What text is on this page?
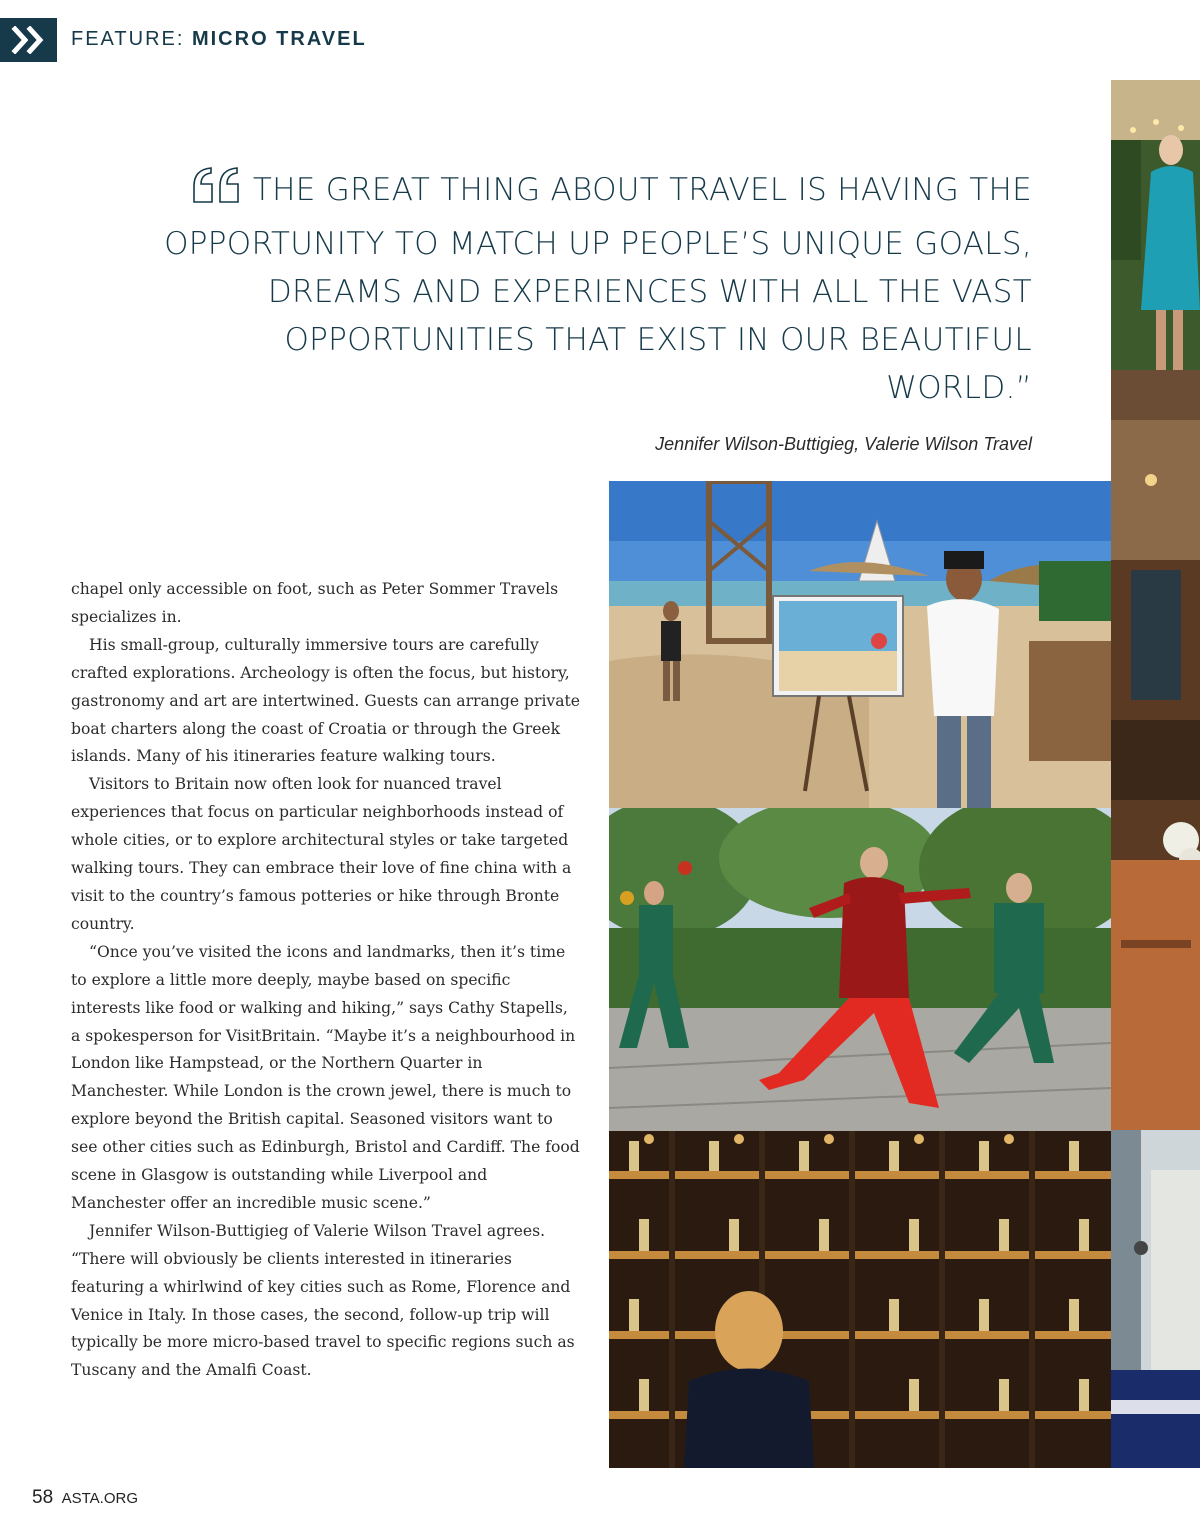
FEATURE: MICRO TRAVEL

THE GREAT THING ABOUT TRAVEL IS HAVING THE OPPORTUNITY TO MATCH UP PEOPLE’S UNIQUE GOALS, DREAMS AND EXPERIENCES WITH ALL THE VAST OPPORTUNITIES THAT EXIST IN OUR BEAUTIFUL WORLD.”

Jennifer Wilson-Buttigieg, Valerie Wilson Travel

chapel only accessible on foot, such as Peter Sommer Travels specializes in.

His small-group, culturally immersive tours are carefully crafted explorations. Archeology is often the focus, but history, gastronomy and art are intertwined. Guests can arrange private boat charters along the coast of Croatia or through the Greek islands. Many of his itineraries feature walking tours.

Visitors to Britain now often look for nuanced travel experiences that focus on particular neighborhoods instead of whole cities, or to explore architectural styles or take targeted walking tours. They can embrace their love of fine china with a visit to the country’s famous potteries or hike through Bronte country.

“Once you’ve visited the icons and landmarks, then it’s time to explore a little more deeply, maybe based on specific interests like food or walking and hiking,” says Cathy Stapells, a spokesperson for VisitBritain. “Maybe it’s a neighbourhood in London like Hampstead, or the Northern Quarter in Manchester. While London is the crown jewel, there is much to explore beyond the British capital. Seasoned visitors want to see other cities such as Edinburgh, Bristol and Cardiff. The food scene in Glasgow is outstanding while Liverpool and Manchester offer an incredible music scene.”

Jennifer Wilson-Buttigieg of Valerie Wilson Travel agrees. “There will obviously be clients interested in itineraries featuring a whirlwind of key cities such as Rome, Florence and Venice in Italy. In those cases, the second, follow-up trip will typically be more micro-based travel to specific regions such as Tuscany and the Amalfi Coast.

58 ASTA.ORG
